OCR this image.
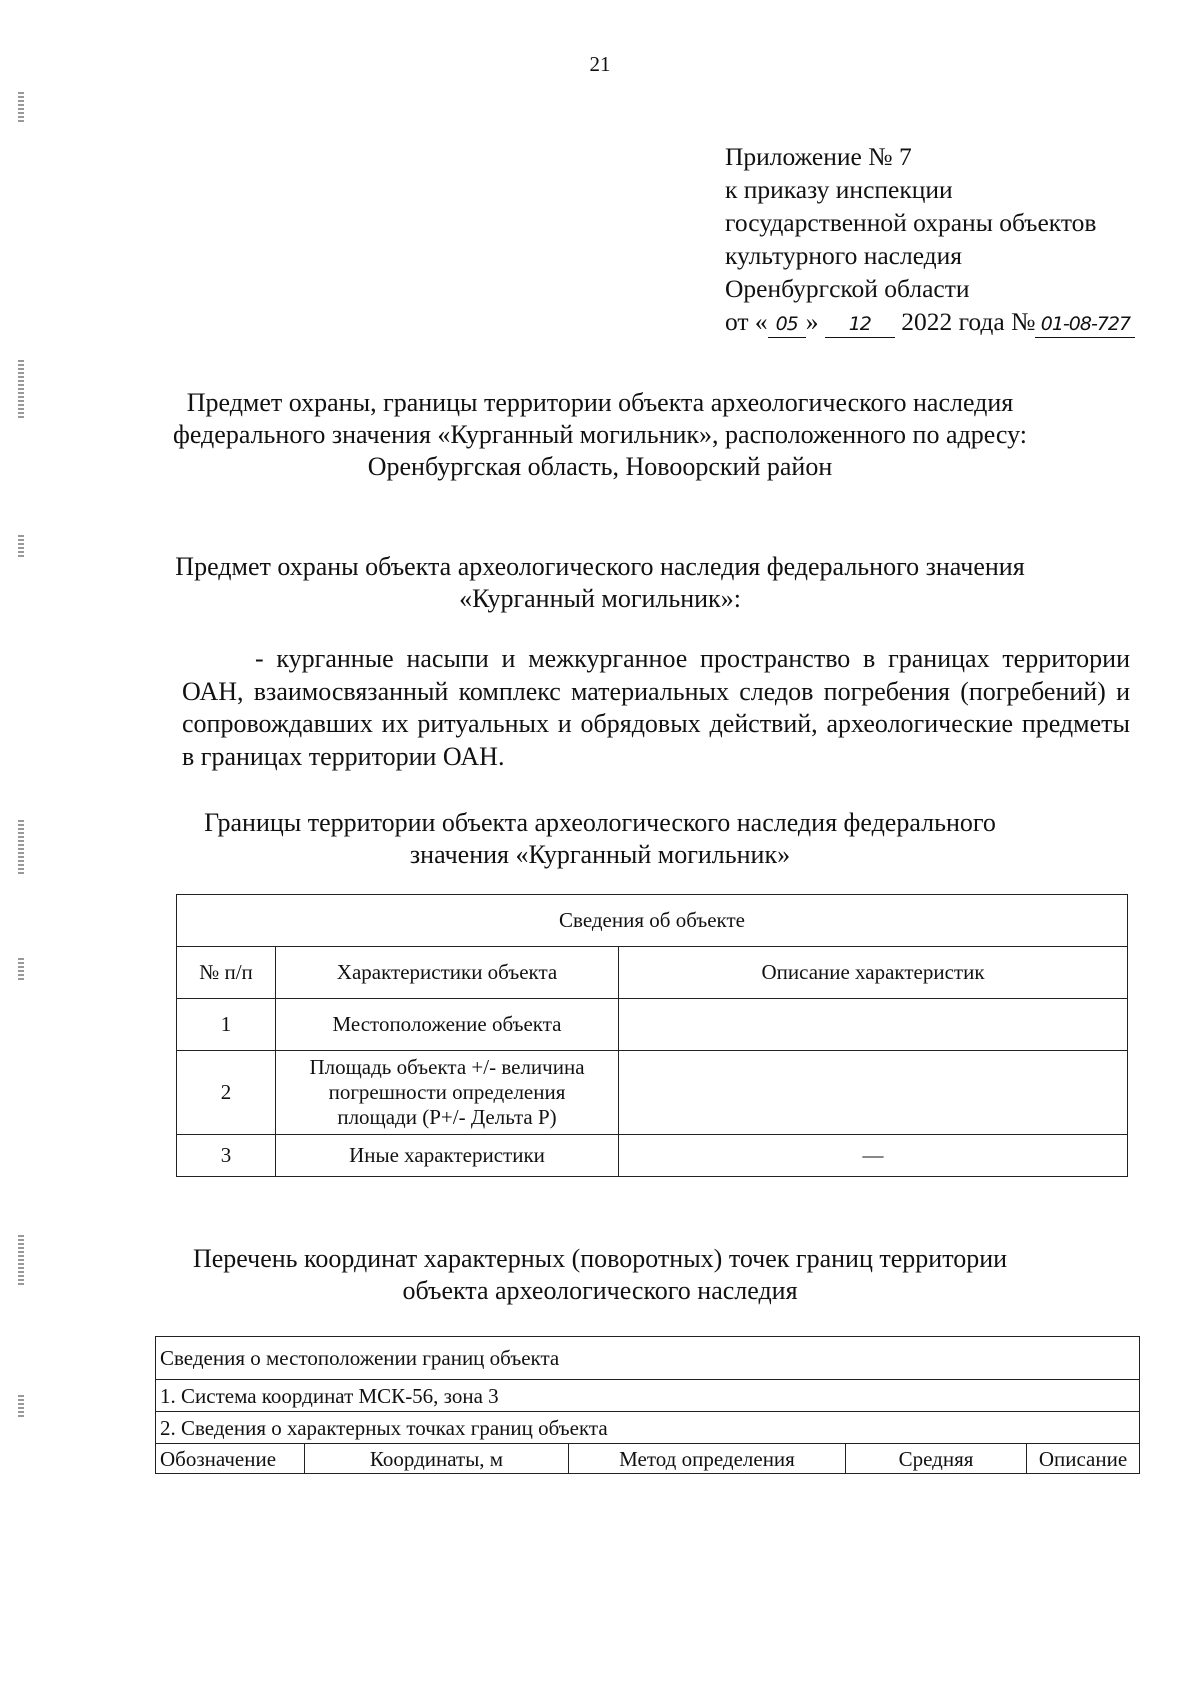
21
Приложение № 7
к приказу инспекции
государственной охраны объектов
культурного наследия
Оренбургской области
от « 05 » 12 2022 года № 01-08-727
Предмет охраны, границы территории объекта археологического наследия
федерального значения «Курганный могильник», расположенного по адресу:
Оренбургская область, Новоорский район
Предмет охраны объекта археологического наследия федерального значения
«Курганный могильник»:
- курганные насыпи и межкурганное пространство в границах территории ОАН, взаимосвязанный комплекс материальных следов погребения (погребений) и сопровождавших их ритуальных и обрядовых действий, археологические предметы в границах территории ОАН.
Границы территории объекта археологического наследия федерального
значения «Курганный могильник»
Сведения об объекте		
№ п/п	Характеристики объекта	Описание характеристик
1	Местоположение объекта	
2	Площадь объекта +/- величина
погрешности определения
площади (Р+/- Дельта Р)	

3	Иные характеристики	—
Перечень координат характерных (поворотных) точек границ территории
объекта археологического наследия
Сведения о местоположении границ объекта
1. Система координат МСК-56, зона 3
2. Сведения о характерных точках границ объекта
Обозначение	Координаты, м	Метод определения	Средняя	Описание
